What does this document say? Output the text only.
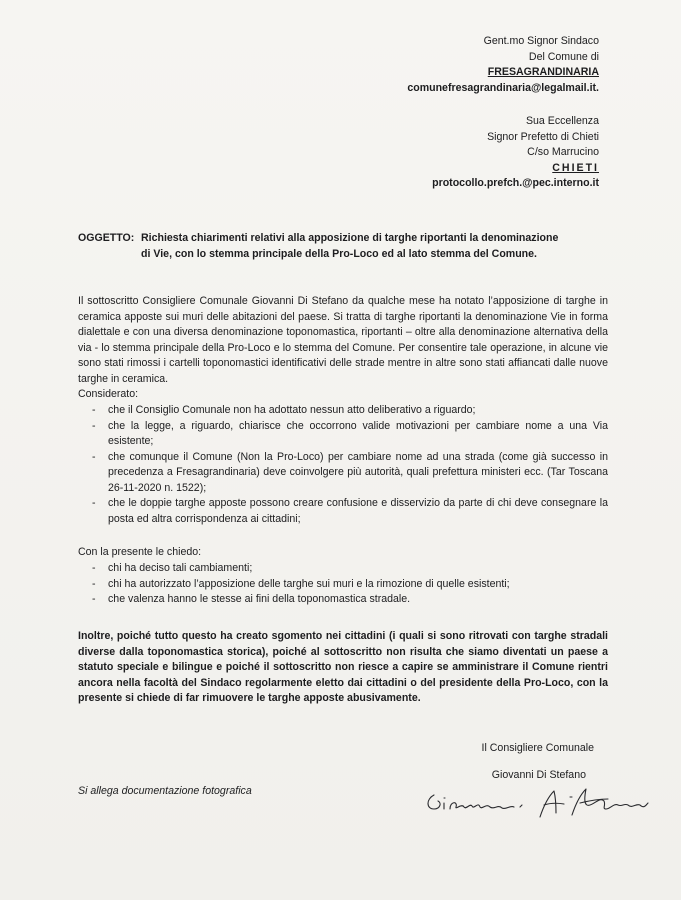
Gent.mo Signor Sindaco
Del Comune di
FRESAGRANDINARIA
comunefresagrandinaria@legalmail.it.
Sua Eccellenza
Signor Prefetto di Chieti
C/so Marrucino
CHIETI
protocollo.prefch.@pec.interno.it
OGGETTO: Richiesta chiarimenti relativi alla apposizione di targhe riportanti la denominazione
di Vie, con lo stemma principale della Pro-Loco ed al lato stemma del Comune.
Il sottoscritto Consigliere Comunale Giovanni Di Stefano da qualche mese ha notato l’apposizione di targhe in ceramica apposte sui muri delle abitazioni del paese. Si tratta di targhe riportanti la denominazione Vie in forma dialettale e con una diversa denominazione toponomastica, riportanti – oltre alla denominazione alternativa della via - lo stemma principale della Pro-Loco e lo stemma del Comune. Per consentire tale operazione, in alcune vie sono stati rimossi i cartelli toponomastici identificativi delle strade mentre in altre sono stati affiancati dalle nuove targhe in ceramica.
Considerato:
- che il Consiglio Comunale non ha adottato nessun atto deliberativo a riguardo;
- che la legge, a riguardo, chiarisce che occorrono valide motivazioni per cambiare nome a una Via esistente;
- che comunque il Comune (Non la Pro-Loco) per cambiare nome ad una strada (come già successo in precedenza a Fresagrandinaria) deve coinvolgere più autorità, quali prefettura ministeri ecc. (Tar Toscana 26-11-2020 n. 1522);
- che le doppie targhe apposte possono creare confusione e disservizio da parte di chi deve consegnare la posta ed altra corrispondenza ai cittadini;
Con la presente le chiedo:
- chi ha deciso tali cambiamenti;
- chi ha autorizzato l’apposizione delle targhe sui muri e la rimozione di quelle esistenti;
- che valenza hanno le stesse ai fini della toponomastica stradale.
Inoltre, poiché tutto questo ha creato sgomento nei cittadini (i quali si sono ritrovati con targhe stradali diverse dalla toponomastica storica), poiché al sottoscritto non risulta che siamo diventati un paese a statuto speciale e bilingue e poiché il sottoscritto non riesce a capire se amministrare il Comune rientri ancora nella facoltà del Sindaco regolarmente eletto dai cittadini o del presidente della Pro-Loco, con la presente si chiede di far rimuovere le targhe apposte abusivamente.
Il Consigliere Comunale
Giovanni Di Stefano
Si allega documentazione fotografica
